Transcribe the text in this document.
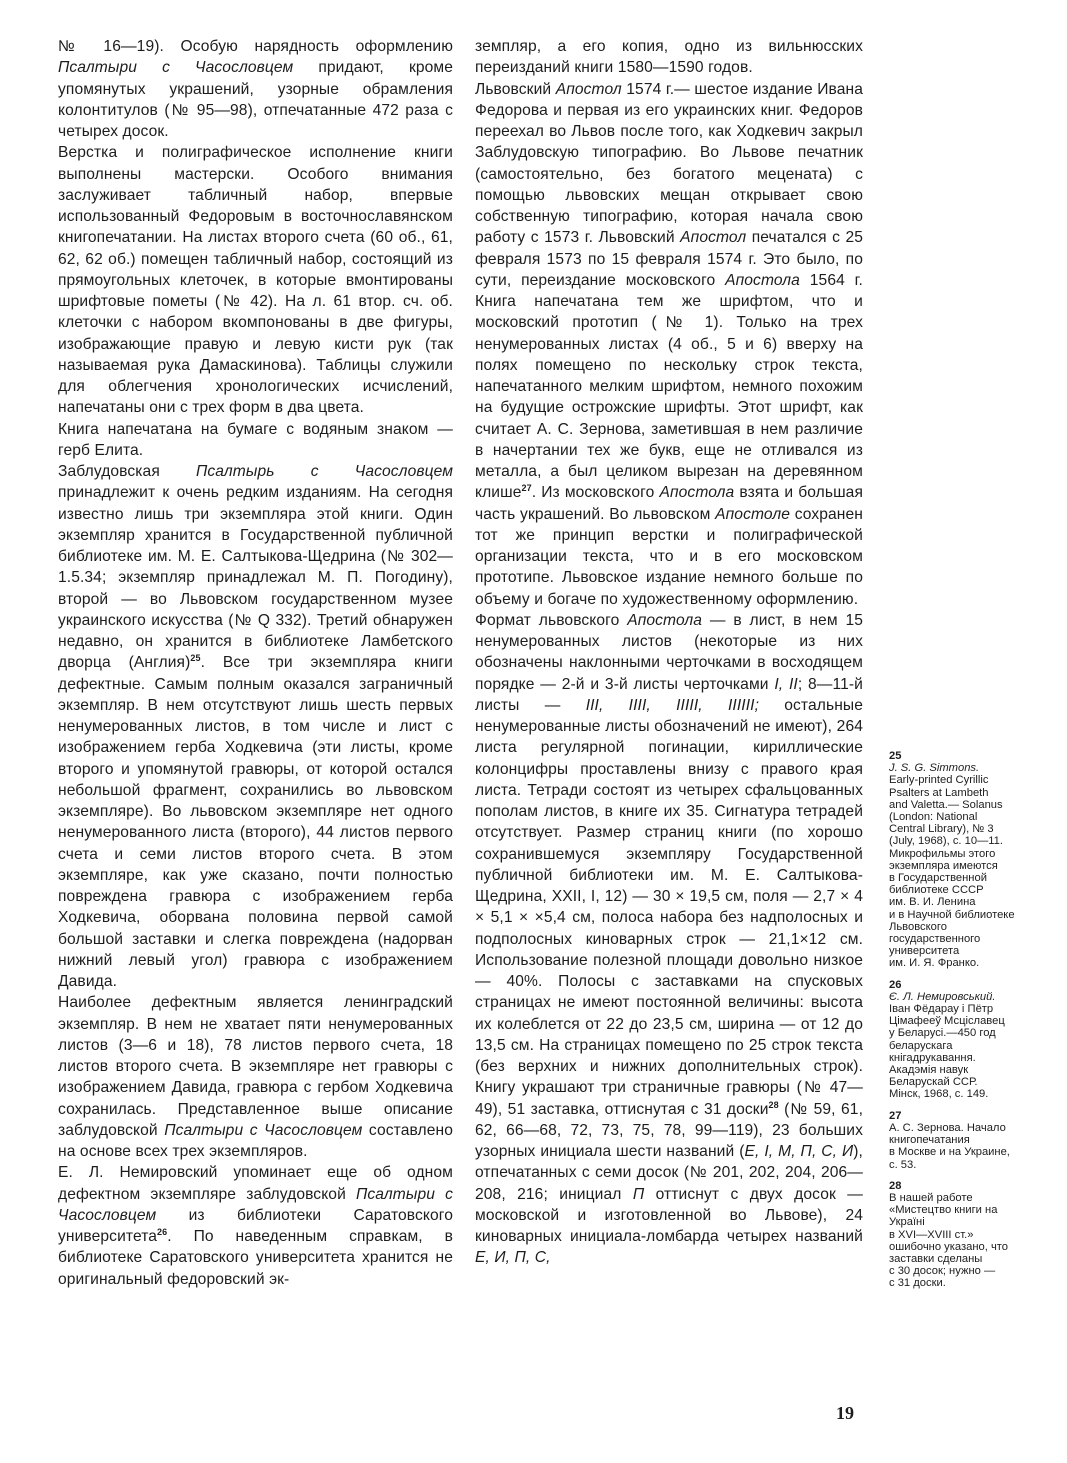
№ 16—19). Особую нарядность оформлению Псалтыри с Часословцем придают, кроме упомянутых украшений, узорные обрамления колонтитулов (№ 95—98), отпечатанные 472 раза с четырех досок.

Верстка и полиграфическое исполнение книги выполнены мастерски. Особого внимания заслуживает табличный набор, впервые использованный Федоровым в восточнославянском книгопечатании. На листах второго счета (60 об., 61, 62, 62 об.) помещен табличный набор, состоящий из прямоугольных клеточек, в которые вмонтированы шрифтовые пометы (№ 42). На л. 61 втор. сч. об. клеточки с набором вкомпонованы в две фигуры, изображающие правую и левую кисти рук (так называемая рука Дамаскинова). Таблицы служили для облегчения хронологических исчислений, напечатаны они с трех форм в два цвета.

Книга напечатана на бумаге с водяным знаком — герб Елита.

Заблудовская Псалтырь с Часословцем принадлежит к очень редким изданиям. На сегодня известно лишь три экземпляра этой книги. Один экземпляр хранится в Государственной публичной библиотеке им. М. Е. Салтыкова-Щедрина (№ 302—1.5.34; экземпляр принадлежал М. П. Погодину), второй — во Львовском государственном музее украинского искусства (№ Q 332). Третий обнаружен недавно, он хранится в библиотеке Ламбетского дворца (Англия)$^{25}$. Все три экземпляра книги дефектные. Самым полным оказался заграничный экземпляр. В нем отсутствуют лишь шесть первых ненумерованных листов, в том числе и лист с изображением герба Ходкевича (эти листы, кроме второго и упомянутой гравюры, от которой остался небольшой фрагмент, сохранились во львовском экземпляре). Во львовском экземпляре нет одного ненумерованного листа (второго), 44 листов первого счета и семи листов второго счета. В этом экземпляре, как уже сказано, почти полностью повреждена гравюра с изображением герба Ходкевича, оборвана половина первой самой большой заставки и слегка повреждена (надорван нижний левый угол) гравюра с изображением Давида.

Наиболее дефектным является ленинградский экземпляр. В нем не хватает пяти ненумерованных листов (3—6 и 18), 78 листов первого счета, 18 листов второго счета. В экземпляре нет гравюры с изображением Давида, гравюра с гербом Ходкевича сохранилась. Представленное выше описание заблудовской Псалтыри с Часословцем составлено на основе всех трех экземпляров.

Е. Л. Немировский упоминает еще об одном дефектном экземпляре заблудовской Псалтыри с Часословцем из библиотеки Саратовского университета$^{26}$. По наведенным справкам, в библиотеке Саратовского университета хранится не оригинальный федоровский эк-

земпляр, а его копия, одно из вильнюсских переизданий книги 1580—1590 годов.

Львовский Апостол 1574 г.— шестое издание Ивана Федорова и первая из его украинских книг. Федоров переехал во Львов после того, как Ходкевич закрыл Заблудовскую типографию. Во Львове печатник (самостоятельно, без богатого мецената) с помощью львовских мещан открывает свою собственную типографию, которая начала свою работу с 1573 г. Львовский Апостол печатался с 25 февраля 1573 по 15 февраля 1574 г. Это было, по сути, переиздание московского Апостола 1564 г. Книга напечатана тем же шрифтом, что и московский прототип (№ 1). Только на трех ненумерованных листах (4 об., 5 и 6) вверху на полях помещено по нескольку строк текста, напечатанного мелким шрифтом, немного похожим на будущие острожские шрифты. Этот шрифт, как считает А. С. Зернова, заметившая в нем различие в начертании тех же букв, еще не отливался из металла, а был целиком вырезан на деревянном клише$^{27}$. Из московского Апостола взята и большая часть украшений. Во львовском Апостоле сохранен тот же принцип верстки и полиграфической организации текста, что и в его московском прототипе. Львовское издание немного больше по объему и богаче по художественному оформлению.

Формат львовского Апостола — в лист, в нем 15 ненумерованных листов (некоторые из них обозначены наклонными черточками в восходящем порядке — 2-й и 3-й листы черточками I, II; 8—11-й листы — III, IIII, IIIII, IIIIII; остальные ненумерованные листы обозначений не имеют), 264 листа регулярной погинации, кириллические колонцифры проставлены внизу с правого края листа. Тетради состоят из четырех сфальцованных пополам листов, в книге их 35. Сигнатура тетрадей отсутствует. Размер страниц книги (по хорошо сохранившемуся экземпляру Государственной публичной библиотеки им. М. Е. Салтыкова-Щедрина, XXII, I, 12) — 30 × 19,5 см, поля — 2,7 × 4 × 5,1 × ×5,4 см, полоса набора без надполосных и подполосных киноварных строк — 21,1×12 см. Использование полезной площади довольно низкое — 40%. Полосы с заставками на спусковых страницах не имеют постоянной величины: высота их колеблется от 22 до 23,5 см, ширина — от 12 до 13,5 см. На страницах помещено по 25 строк текста (без верхних и нижних дополнительных строк). Книгу украшают три страничные гравюры (№ 47—49), 51 заставка, оттиснутая с 31 доски$^{28}$ (№ 59, 61, 62, 66—68, 72, 73, 75, 78, 99—119), 23 больших узорных инициала шести названий (Е, I, М, П, С, И), отпечатанных с семи досок (№ 201, 202, 204, 206—208, 216; инициал П оттиснут с двух досок — московской и изготовленной во Львове), 24 киноварных инициала-ломбарда четырех названий Е, И, П, С,

25
J. S. G. Simmons.
Early-printed Cyrillic
Psalters at Lambeth
and Valetta.— Solanus
(London: National
Central Library), № 3
(July, 1968), c. 10—11.
Микрофильмы этого
экземпляра имеются
в Государственной
библиотеке СССР
им. В. И. Ленина
и в Научной библиотеке
Львовского
государственного
университета
им. И. Я. Франко.
26
Є. Л. Немировський.
Іван Фёдарау і Пётр
Цімафееў Мсціславец
у Беларусі.—450 год
беларускага
кнігадрукавання.
Акадэмія навук
Беларускай ССР.
Мінск, 1968, с. 149.
27
А. С. Зернова. Начало
книгопечатания
в Москве и на Украине,
с. 53.
28
В нашей работе
«Мистецтво книги на
Україні
в XVI—XVIII ст.»
ошибочно указано, что
заставки сделаны
с 30 досок; нужно —
с 31 доски.
19
